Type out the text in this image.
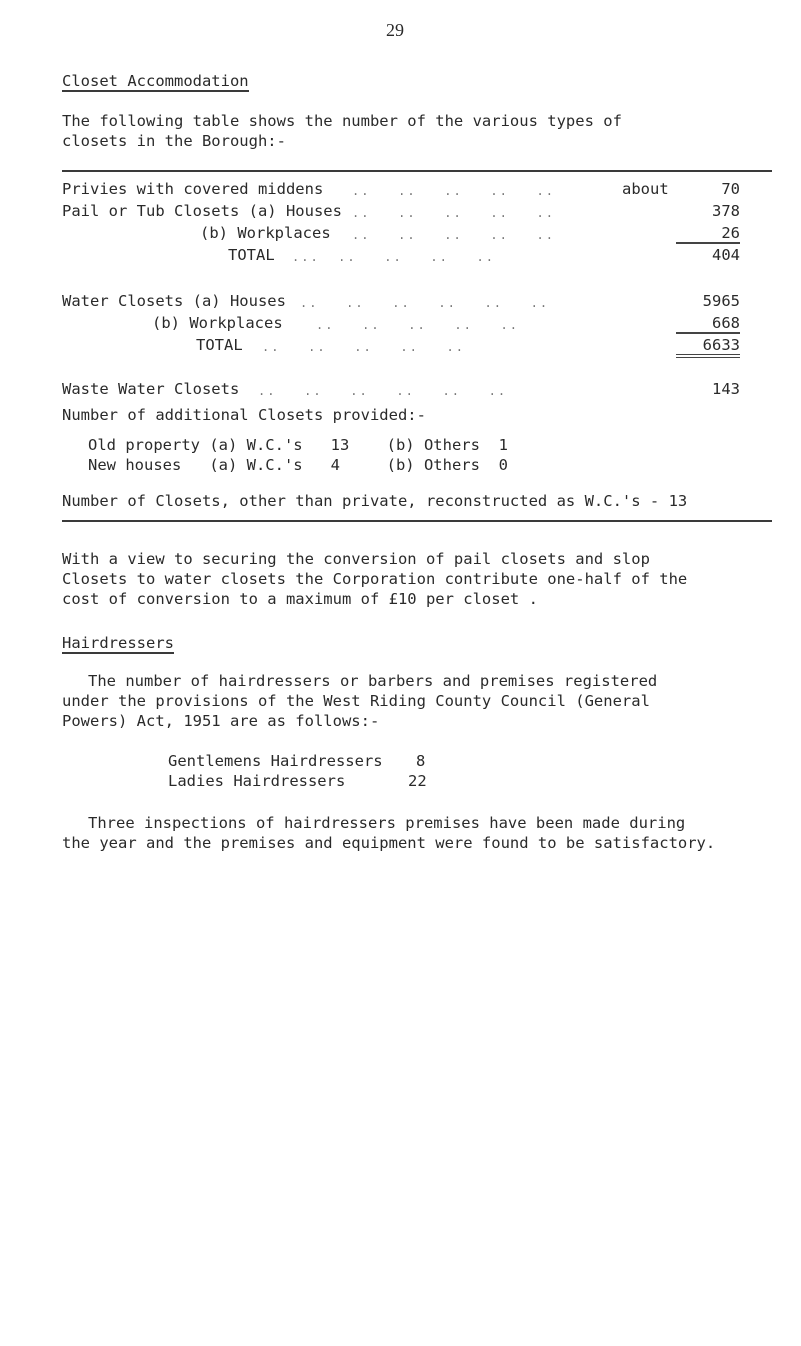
29
Closet Accommodation
The following table shows the number of the various types of
closets in the Borough:-
Privies with covered middens ..   ..   ..   ..   ..	about	70
Pail or Tub Closets (a) Houses ..   ..   ..   ..   ..	378
(b) Workplaces ..   ..   ..   ..   ..	26
TOTAL ...  ..   ..   ..   ..	404
Water Closets (a) Houses ..   ..   ..   ..   ..   ..	5965
(b) Workplaces	..   ..   ..   ..   ..	668
TOTAL ..   ..   ..   ..   ..	6633
Waste Water Closets ..   ..   ..   ..   ..   ..	143
Number of additional Closets provided:-
Old property (a) W.C.'s   13    (b) Others  1
New houses   (a) W.C.'s   4     (b) Others  0
Number of Closets, other than private, reconstructed as W.C.'s - 13
With a view to securing the conversion of pail closets and slop
Closets to water closets the Corporation contribute one-half of the
cost of conversion to a maximum of £10 per closet .
Hairdressers
The number of hairdressers or barbers and premises registered
under the provisions of the West Riding County Council (General
Powers) Act, 1951 are as follows:-
Gentlemens Hairdressers 8
Ladies Hairdressers	22
Three inspections of hairdressers premises have been made during
the year and the premises and equipment were found to be satisfactory.
